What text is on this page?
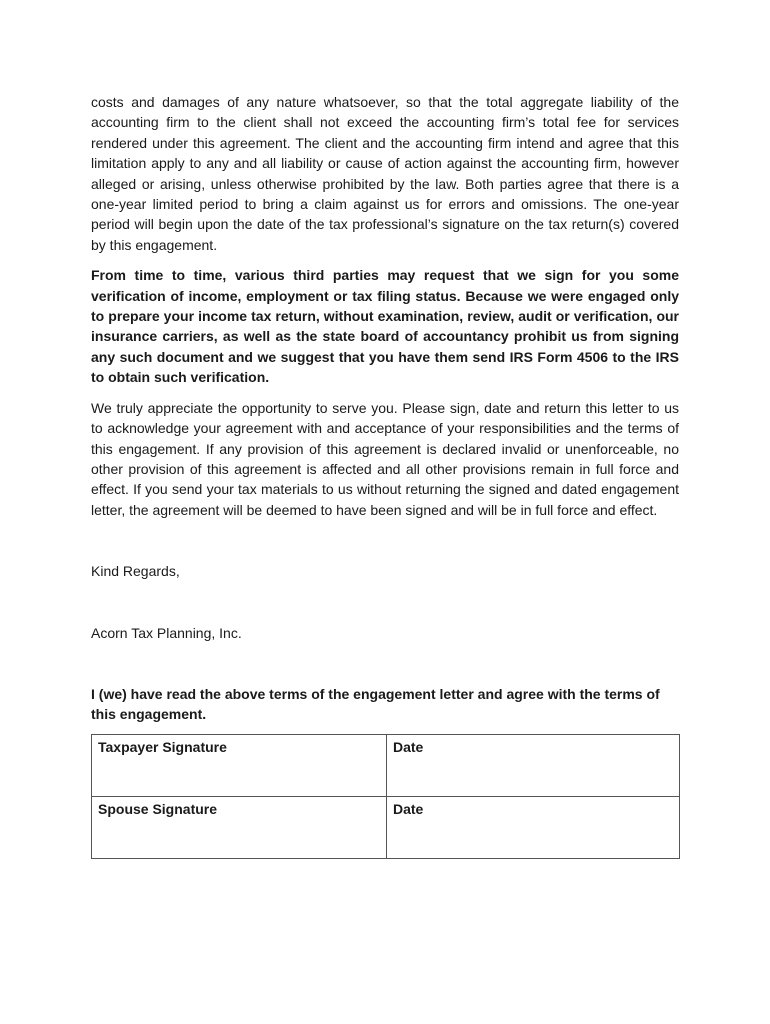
costs and damages of any nature whatsoever, so that the total aggregate liability of the accounting firm to the client shall not exceed the accounting firm’s total fee for services rendered under this agreement. The client and the accounting firm intend and agree that this limitation apply to any and all liability or cause of action against the accounting firm, however alleged or arising, unless otherwise prohibited by the law. Both parties agree that there is a one-year limited period to bring a claim against us for errors and omissions. The one-year period will begin upon the date of the tax professional’s signature on the tax return(s) covered by this engagement.

From time to time, various third parties may request that we sign for you some verification of income, employment or tax filing status. Because we were engaged only to prepare your income tax return, without examination, review, audit or verification, our insurance carriers, as well as the state board of accountancy prohibit us from signing any such document and we suggest that you have them send IRS Form 4506 to the IRS to obtain such verification.

We truly appreciate the opportunity to serve you. Please sign, date and return this letter to us to acknowledge your agreement with and acceptance of your responsibilities and the terms of this engagement. If any provision of this agreement is declared invalid or unenforceable, no other provision of this agreement is affected and all other provisions remain in full force and effect. If you send your tax materials to us without returning the signed and dated engagement letter, the agreement will be deemed to have been signed and will be in full force and effect.

Kind Regards,

Acorn Tax Planning, Inc.

I (we) have read the above terms of the engagement letter and agree with the terms of this engagement.

Taxpayer Signature	Date
Spouse Signature	Date
